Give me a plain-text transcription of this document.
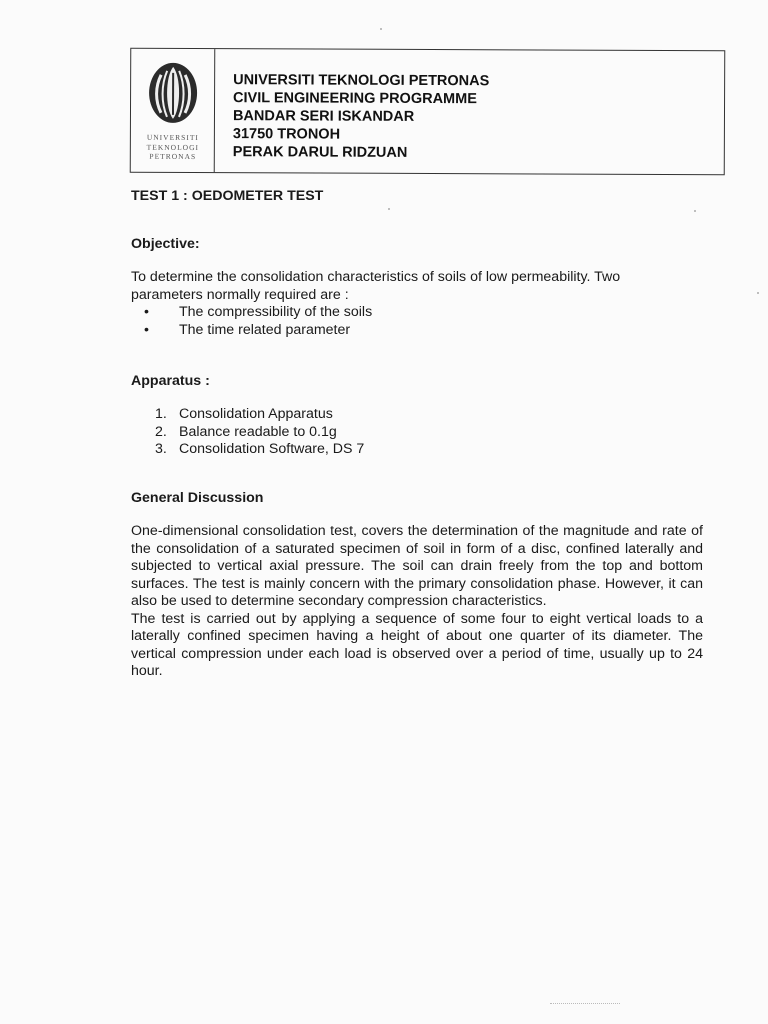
UNIVERSITI
TEKNOLOGI
PETRONAS
UNIVERSITI TEKNOLOGI PETRONAS
CIVIL ENGINEERING PROGRAMME
BANDAR SERI ISKANDAR
31750 TRONOH
PERAK DARUL RIDZUAN
TEST 1 : OEDOMETER TEST
Objective:
To determine the consolidation characteristics of soils of low permeability. Two
parameters normally required are :
• The compressibility of the soils
• The time related parameter
Apparatus :
1. Consolidation Apparatus
2. Balance readable to 0.1g
3. Consolidation Software, DS 7
General Discussion

One-dimensional consolidation test, covers the determination of the magnitude and rate of the consolidation of a saturated specimen of soil in form of a disc, confined laterally and subjected to vertical axial pressure. The soil can drain freely from the top and bottom surfaces. The test is mainly concern with the primary consolidation phase. However, it can also be used to determine secondary compression characteristics.

The test is carried out by applying a sequence of some four to eight vertical loads to a laterally confined specimen having a height of about one quarter of its diameter. The vertical compression under each load is observed over a period of time, usually up to 24 hour.
